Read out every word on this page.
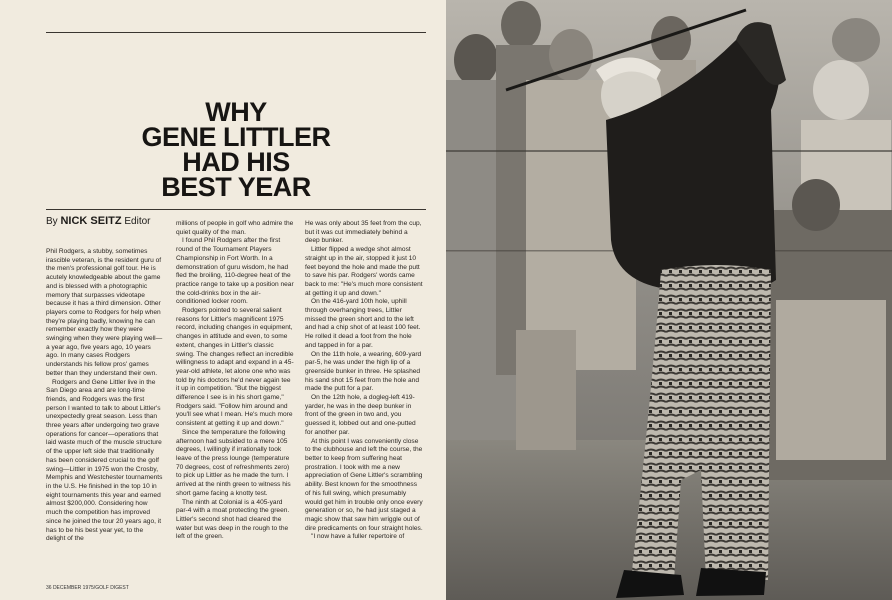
WHY
GENE LITTLER
HAD HIS
BEST YEAR
By NICK SEITZ Editor

Phil Rodgers, a stubby, sometimes irascible veteran, is the resident guru of the men's professional golf tour. He is acutely knowledgeable about the game and is blessed with a photographic memory that surpasses videotape because it has a third dimension. Other players come to Rodgers for help when they're playing badly, knowing he can remember exactly how they were swinging when they were playing well—a year ago, five years ago, 10 years ago. In many cases Rodgers understands his fellow pros' games better than they understand their own.

Rodgers and Gene Littler live in the San Diego area and are long-time friends, and Rodgers was the first person I wanted to talk to about Littler's unexpectedly great season. Less than three years after undergoing two grave operations for cancer—operations that laid waste much of the muscle structure of the upper left side that traditionally has been considered crucial to the golf swing—Littler in 1975 won the Crosby, Memphis and Westchester tournaments in the U.S. He finished in the top 10 in eight tournaments this year and earned almost $200,000. Considering how much the competition has improved since he joined the tour 20 years ago, it has to be his best year yet, to the delight of the

millions of people in golf who admire the quiet quality of the man.

I found Phil Rodgers after the first round of the Tournament Players Championship in Fort Worth. In a demonstration of guru wisdom, he had fled the broiling, 110-degree heat of the practice range to take up a position near the cold-drinks box in the air-conditioned locker room.

Rodgers pointed to several salient reasons for Littler's magnificent 1975 record, including changes in equipment, changes in attitude and even, to some extent, changes in Littler's classic swing. The changes reflect an incredible willingness to adapt and expand in a 45-year-old athlete, let alone one who was told by his doctors he'd never again tee it up in competition. "But the biggest difference I see is in his short game," Rodgers said. "Follow him around and you'll see what I mean. He's much more consistent at getting it up and down."

Since the temperature the following afternoon had subsided to a mere 105 degrees, I willingly if irrationally took leave of the press lounge (temperature 70 degrees, cost of refreshments zero) to pick up Littler as he made the turn. I arrived at the ninth green to witness his short game facing a knotty test.

The ninth at Colonial is a 405-yard par-4 with a moat protecting the green. Littler's second shot had cleared the water but was deep in the rough to the left of the green.

He was only about 35 feet from the cup, but it was cut immediately behind a deep bunker.

Littler flipped a wedge shot almost straight up in the air, stopped it just 10 feet beyond the hole and made the putt to save his par. Rodgers' words came back to me: "He's much more consistent at getting it up and down."

On the 416-yard 10th hole, uphill through overhanging trees, Littler missed the green short and to the left and had a chip shot of at least 100 feet. He rolled it dead a foot from the hole and tapped in for a par.

On the 11th hole, a wearing, 609-yard par-5, he was under the high lip of a greenside bunker in three. He splashed his sand shot 15 feet from the hole and made the putt for a par.

On the 12th hole, a dogleg-left 419-yarder, he was in the deep bunker in front of the green in two and, you guessed it, lobbed out and one-putted for another par.

At this point I was conveniently close to the clubhouse and left the course, the better to keep from suffering heat prostration. I took with me a new appreciation of Gene Littler's scrambling ability. Best known for the smoothness of his full swing, which presumably would get him in trouble only once every generation or so, he had just staged a magic show that saw him wriggle out of dire predicaments on four straight holes.

"I now have a fuller repertoire of

36 DECEMBER 1975/GOLF DIGEST
